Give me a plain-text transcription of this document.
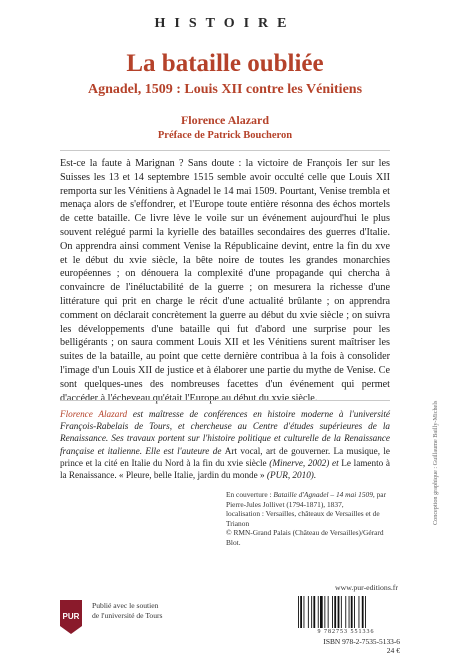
HISTOIRE
La bataille oubliée
Agnadel, 1509 : Louis XII contre les Vénitiens
Florence Alazard
Préface de Patrick Boucheron

Est-ce la faute à Marignan ? Sans doute : la victoire de François Ier sur les Suisses les 13 et 14 septembre 1515 semble avoir occulté celle que Louis XII remporta sur les Vénitiens à Agnadel le 14 mai 1509. Pourtant, Venise trembla et menaça alors de s'effondrer, et l'Europe toute entière résonna des échos mortels de cette bataille. Ce livre lève le voile sur un événement aujourd'hui le plus souvent relégué parmi la kyrielle des batailles secondaires des guerres d'Italie. On apprendra ainsi comment Venise la Républicaine devint, entre la fin du xve et le début du xvie siècle, la bête noire de toutes les grandes monarchies européennes ; on dénouera la complexité d'une propagande qui chercha à convaincre de l'inéluctabilité de la guerre ; on mesurera la richesse d'une littérature qui prit en charge le récit d'une actualité brûlante ; on apprendra comment on déclarait concrètement la guerre au début du xvie siècle ; on suivra les développements d'une bataille qui fut d'abord une surprise pour les belligérants ; on saura comment Louis XII et les Vénitiens surent maîtriser les suites de la bataille, au point que cette dernière contribua à la fois à consolider l'image d'un Louis XII de justice et à élaborer une partie du mythe de Venise. Ce sont quelques-unes des nombreuses facettes d'un événement qui permet d'accéder à l'écheveau qu'était l'Europe au début du xvie siècle.

Florence Alazard est maîtresse de conférences en histoire moderne à l'université François-Rabelais de Tours, et chercheuse au Centre d'études supérieures de la Renaissance. Ses travaux portent sur l'histoire politique et culturelle de la Renaissance française et italienne. Elle est l'auteure de Art vocal, art de gouverner. La musique, le prince et la cité en Italie du Nord à la fin du xvie siècle (Minerve, 2002) et Le lamento à la Renaissance. « Pleure, belle Italie, jardin du monde » (PUR, 2010).
En couverture : Bataille d'Agnadel – 14 mai 1509, par Pierre-Jules Jollivet (1794-1871), 1837,
localisation : Versailles, châteaux de Versailles et de Trianon
© RMN-Grand Palais (Château de Versailles)/Gérard Blot.
www.pur-editions.fr
9 782753 551336
ISBN 978-2-7535-5133-6
24 €
PUR
Publié avec le soutien
de l'université de Tours
Conception graphique : Guillaume Bailly-Michels
